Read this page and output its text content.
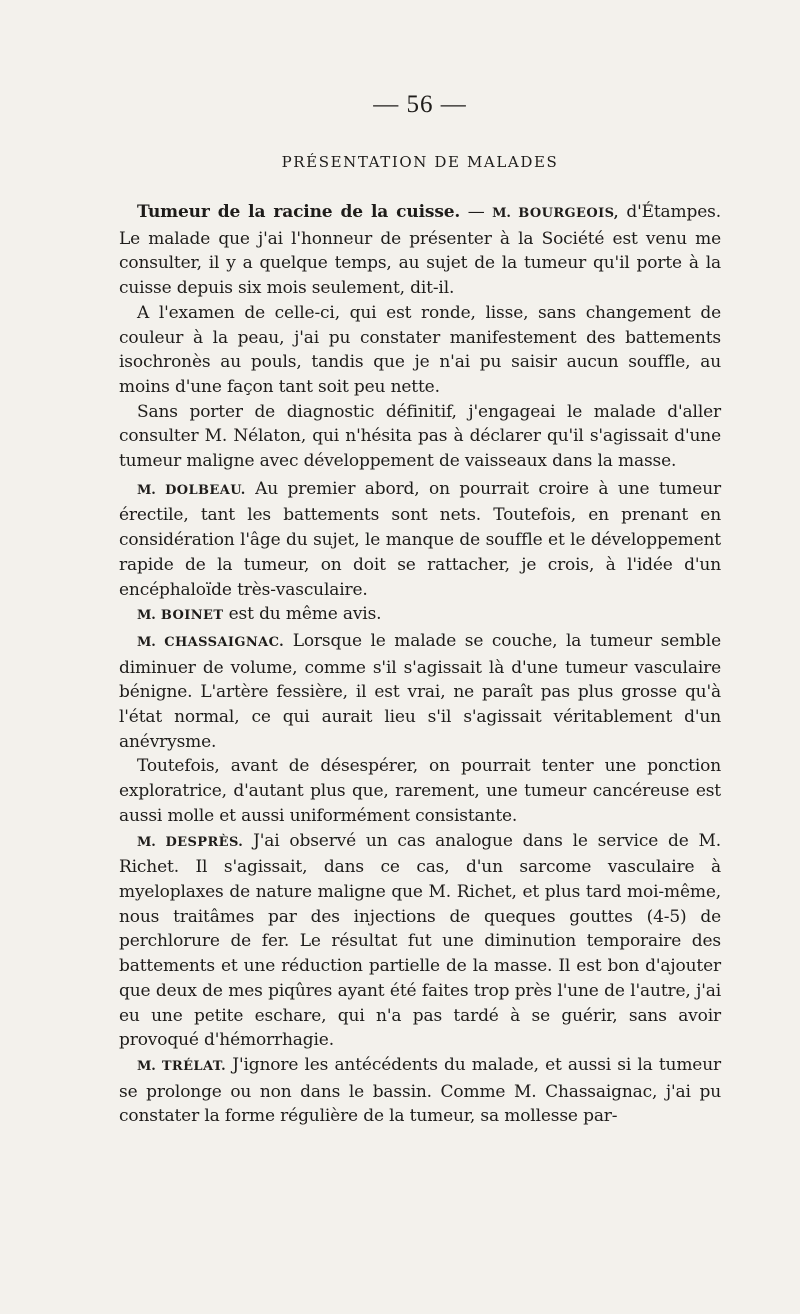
— 56 —
PRÉSENTATION DE MALADES

Tumeur de la racine de la cuisse. — M. BOURGEOIS, d'Étampes. Le malade que j'ai l'honneur de présenter à la Société est venu me consulter, il y a quelque temps, au sujet de la tumeur qu'il porte à la cuisse depuis six mois seulement, dit-il.

A l'examen de celle-ci, qui est ronde, lisse, sans changement de couleur à la peau, j'ai pu constater manifestement des battements isochronès au pouls, tandis que je n'ai pu saisir aucun souffle, au moins d'une façon tant soit peu nette.

Sans porter de diagnostic définitif, j'engageai le malade d'aller consulter M. Nélaton, qui n'hésita pas à déclarer qu'il s'agissait d'une tumeur maligne avec développement de vaisseaux dans la masse.

M. DOLBEAU. Au premier abord, on pourrait croire à une tumeur érectile, tant les battements sont nets. Toutefois, en prenant en considération l'âge du sujet, le manque de souffle et le développement rapide de la tumeur, on doit se rattacher, je crois, à l'idée d'un encéphaloïde très-vasculaire.

M. BOINET est du même avis.

M. CHASSAIGNAC. Lorsque le malade se couche, la tumeur semble diminuer de volume, comme s'il s'agissait là d'une tumeur vasculaire bénigne. L'artère fessière, il est vrai, ne paraît pas plus grosse qu'à l'état normal, ce qui aurait lieu s'il s'agissait véritablement d'un anévrysme.

Toutefois, avant de désespérer, on pourrait tenter une ponction exploratrice, d'autant plus que, rarement, une tumeur cancéreuse est aussi molle et aussi uniformément consistante.

M. DESPRÈS. J'ai observé un cas analogue dans le service de M. Richet. Il s'agissait, dans ce cas, d'un sarcome vasculaire à myeloplaxes de nature maligne que M. Richet, et plus tard moi-même, nous traitâmes par des injections de queques gouttes (4-5) de perchlorure de fer. Le résultat fut une diminution temporaire des battements et une réduction partielle de la masse. Il est bon d'ajouter que deux de mes piqûres ayant été faites trop près l'une de l'autre, j'ai eu une petite eschare, qui n'a pas tardé à se guérir, sans avoir provoqué d'hémorrhagie.

M. TRÉLAT. J'ignore les antécédents du malade, et aussi si la tumeur se prolonge ou non dans le bassin. Comme M. Chassaignac, j'ai pu constater la forme régulière de la tumeur, sa mollesse par-
